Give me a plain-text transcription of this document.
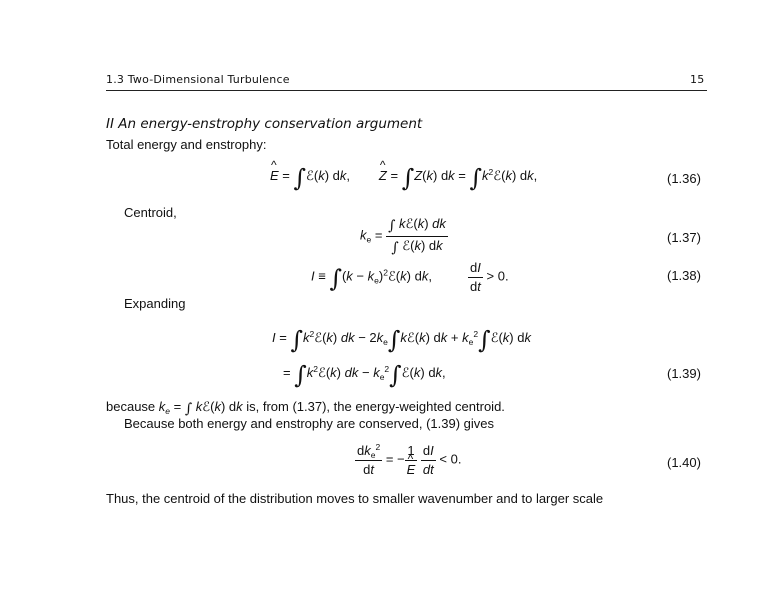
1.3 Two-Dimensional Turbulence	15
II An energy-enstrophy conservation argument
Total energy and enstrophy:
^ E = ∫ℰ(k) dk,        ^ Z = ∫Z(k) dk = $\int k^2ℰ(k)$ dk,	(1.36)
Centroid,
$k_e = \frac{\text{∫ kℰ(k) dk}}{\text{∫ ℰ(k) dk}}$	(1.37)
$I \equiv \int(k - k_e)^2ℰ(k)$ dk, $\frac{dI}{dt} > 0$.	(1.38)
Expanding
$I = \int k^2ℰ(k)$ dk − $2k_e\int kℰ(k)$ dk + $k_e^2\int ℰ(k)$ dk
= $\int k^2ℰ(k)$ dk − $k_e^2\int ℰ(k)$ dk,	(1.39)
because $k_e$ = ∫ kℰ(k) dk is, from (1.37), the energy-weighted centroid.
Because both energy and enstrophy are conserved, (1.39) gives
$\frac{dk_e^2}{dt}$ = − 1
^ E
$\frac{dI}{dt} < 0$.	(1.40)
Thus, the centroid of the distribution moves to smaller wavenumber and to larger scale
